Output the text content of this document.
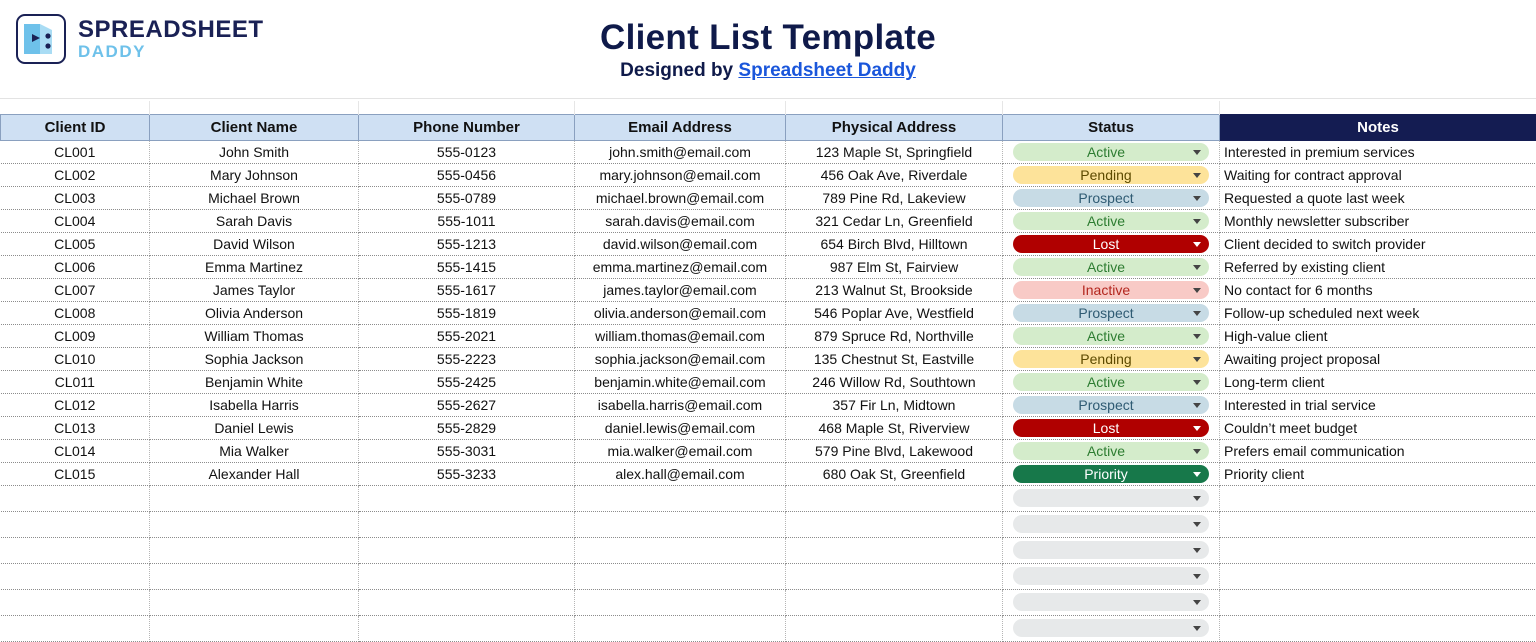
SPREADSHEET
DADDY	Client List Template
Designed by Spreadsheet Daddy

Client ID	Client Name	Phone Number	Email Address	Physical Address	Status	Notes
CL001	John Smith	555-0123	john.smith@email.com	123 Maple St, Springfield	Active	Interested in premium services
CL002	Mary Johnson	555-0456	mary.johnson@email.com	456 Oak Ave, Riverdale	Pending	Waiting for contract approval
CL003	Michael Brown	555-0789	michael.brown@email.com	789 Pine Rd, Lakeview	Prospect	Requested a quote last week
CL004	Sarah Davis	555-1011	sarah.davis@email.com	321 Cedar Ln, Greenfield	Active	Monthly newsletter subscriber
CL005	David Wilson	555-1213	david.wilson@email.com	654 Birch Blvd, Hilltown	Lost	Client decided to switch provider
CL006	Emma Martinez	555-1415	emma.martinez@email.com	987 Elm St, Fairview	Active	Referred by existing client
CL007	James Taylor	555-1617	james.taylor@email.com	213 Walnut St, Brookside	Inactive	No contact for 6 months
CL008	Olivia Anderson	555-1819	olivia.anderson@email.com	546 Poplar Ave, Westfield	Prospect	Follow-up scheduled next week
CL009	William Thomas	555-2021	william.thomas@email.com	879 Spruce Rd, Northville	Active	High-value client
CL010	Sophia Jackson	555-2223	sophia.jackson@email.com	135 Chestnut St, Eastville	Pending	Awaiting project proposal
CL011	Benjamin White	555-2425	benjamin.white@email.com	246 Willow Rd, Southtown	Active	Long-term client
CL012	Isabella Harris	555-2627	isabella.harris@email.com	357 Fir Ln, Midtown	Prospect	Interested in trial service
CL013	Daniel Lewis	555-2829	daniel.lewis@email.com	468 Maple St, Riverview	Lost	Couldn’t meet budget
CL014	Mia Walker	555-3031	mia.walker@email.com	579 Pine Blvd, Lakewood	Active	Prefers email communication
CL015	Alexander Hall	555-3233	alex.hall@email.com	680 Oak St, Greenfield	Priority	Priority client
